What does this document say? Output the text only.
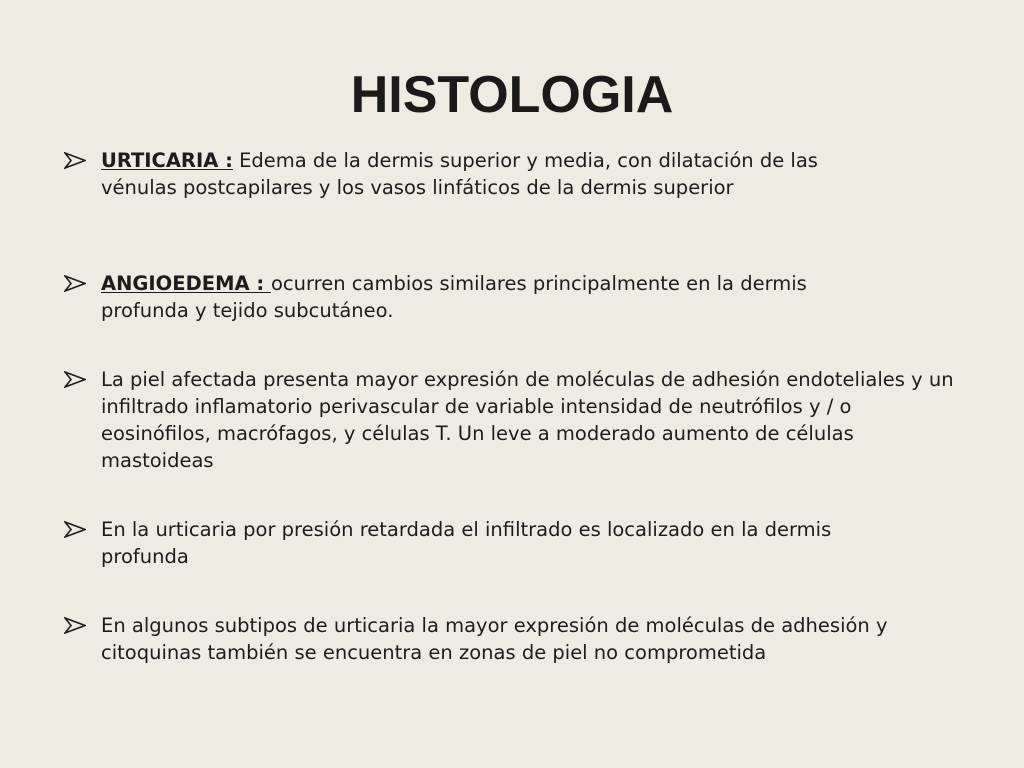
HISTOLOGIA
URTICARIA : Edema de la dermis superior y media, con dilatación de las vénulas postcapilares y los vasos linfáticos de la dermis superior
ANGIOEDEMA : ocurren cambios similares principalmente en la dermis profunda y tejido subcutáneo.
La piel afectada presenta mayor expresión de moléculas de adhesión endoteliales y un infiltrado inflamatorio perivascular de variable intensidad de neutrófilos y / o eosinófilos, macrófagos, y células T. Un leve a moderado aumento de células mastoideas
En la urticaria por presión retardada el infiltrado es localizado en la dermis profunda
En algunos subtipos de urticaria la mayor expresión de moléculas de adhesión y citoquinas también se encuentra en zonas de piel no comprometida
